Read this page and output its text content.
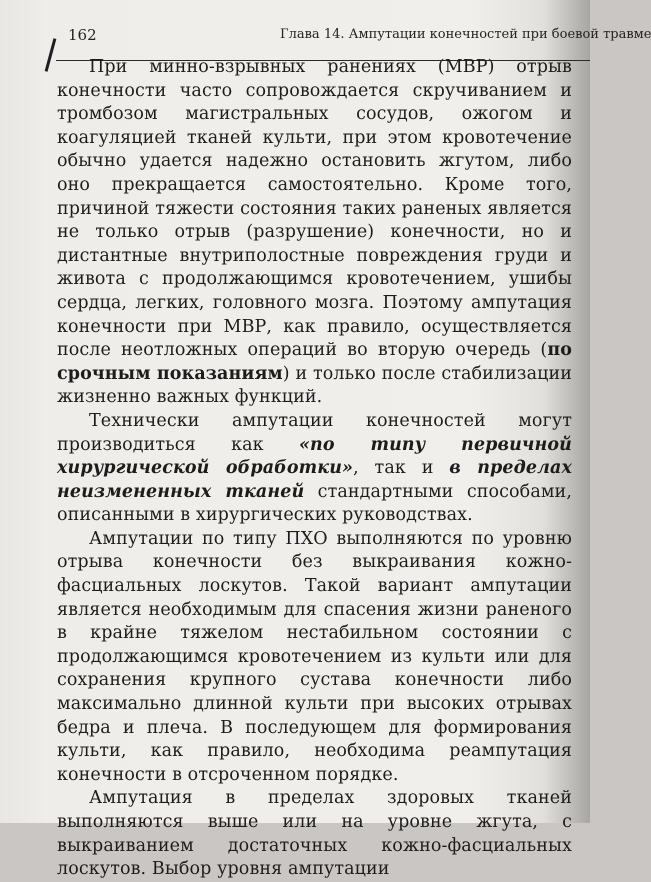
162	Глава 14. Ампутации конечностей при боевой травме

При минно-взрывных ранениях (МВР) отрыв конечности часто сопровождается скручиванием и тромбозом магистральных сосудов, ожогом и коагуляцией тканей культи, при этом кровотечение обычно удается надежно остановить жгутом, либо оно прекращается самостоятельно. Кроме того, причиной тяжести состояния таких раненых является не только отрыв (разрушение) конечности, но и дистантные внутриполостные повреждения груди и живота с продолжающимся кровотечением, ушибы сердца, легких, головного мозга. Поэтому ампутация конечности при МВР, как правило, осуществляется после неотложных операций во вторую очередь (по срочным показаниям) и только после стабилизации жизненно важных функций.

Технически ампутации конечностей могут производиться как «по типу первичной хирургической обработки», так и в пределах неизмененных тканей стандартными способами, описанными в хирургических руководствах.

Ампутации по типу ПХО выполняются по уровню отрыва конечности без выкраивания кожно-фасциальных лоскутов. Такой вариант ампутации является необходимым для спасения жизни раненого в крайне тяжелом нестабильном состоянии с продолжающимся кровотечением из культи или для сохранения крупного сустава конечности либо максимально длинной культи при высоких отрывах бедра и плеча. В последующем для формирования культи, как правило, необходима реампутация конечности в отсроченном порядке.

Ампутация в пределах здоровых тканей выполняются выше или на уровне жгута, с выкраиванием достаточных кожно-фасциальных лоскутов. Выбор уровня ампутации
